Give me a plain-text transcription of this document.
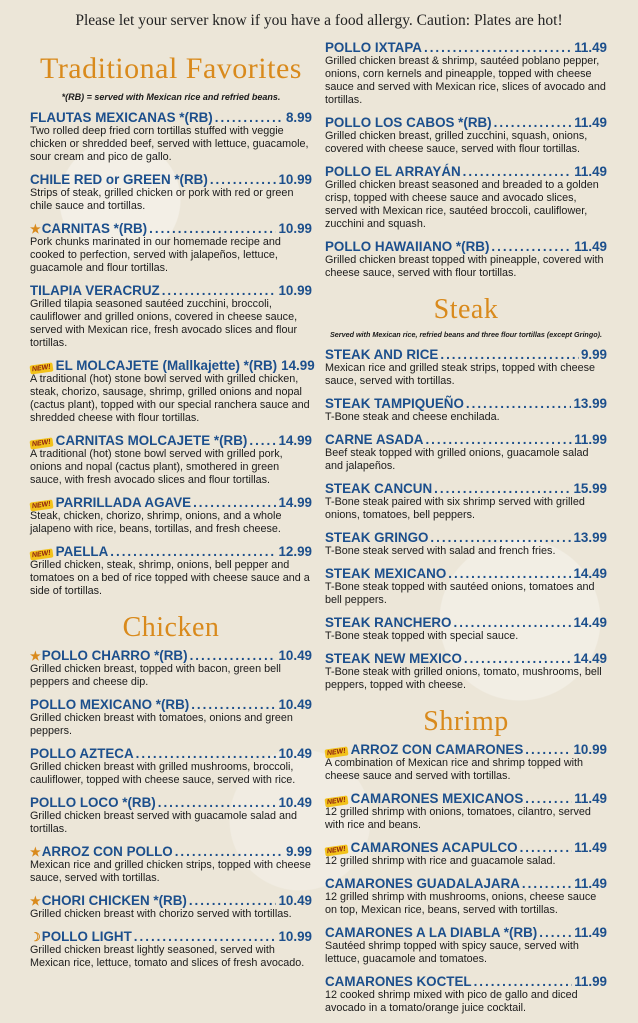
Please let your server know if you have a food allergy. Caution: Plates are hot!
Traditional Favorites
*(RB) = served with Mexican rice and refried beans.
FLAUTAS MEXICANAS *(RB) .....	8.99
Two rolled deep fried corn tortillas stuffed with veggie chicken or shredded beef, served with lettuce, guacamole, sour cream and pico de gallo.
CHILE RED or GREEN *(RB) .....	10.99
Strips of steak, grilled chicken or pork with red or green chile sauce and tortillas.
★ CARNITAS *(RB) .....	10.99
Pork chunks marinated in our homemade recipe and cooked to perfection, served with jalapeños, lettuce, guacamole and flour tortillas.
TILAPIA VERACRUZ .....	10.99
Grilled tilapia seasoned sautéed zucchini, broccoli, cauliflower and grilled onions, covered in cheese sauce, served with Mexican rice, fresh avocado slices and flour tortillas.
NEW! EL MOLCAJETE (Mallkajette) *(RB) 14.99
A traditional (hot) stone bowl served with grilled chicken, steak, chorizo, sausage, shrimp, grilled onions and nopal (cactus plant), topped with our special ranchera sauce and shredded cheese with flour tortillas.
NEW! CARNITAS MOLCAJETE *(RB) ..... 14.99
A traditional (hot) stone bowl served with grilled pork, onions and nopal (cactus plant), smothered in green sauce, with fresh avocado slices and flour tortillas.
NEW! PARRILLADA AGAVE .....	14.99
Steak, chicken, chorizo, shrimp, onions, and a whole jalapeno with rice, beans, tortillas, and fresh cheese.
NEW! PAELLA .....	12.99
Grilled chicken, steak, shrimp, onions, bell pepper and tomatoes on a bed of rice topped with cheese sauce and a side of tortillas.
Chicken
★ POLLO CHARRO *(RB) .....	10.49
Grilled chicken breast, topped with bacon, green bell peppers and cheese dip.
POLLO MEXICANO *(RB) .....	10.49
Grilled chicken breast with tomatoes, onions and green peppers.
POLLO AZTECA .....	10.49
Grilled chicken breast with grilled mushrooms, broccoli, cauliflower, topped with cheese sauce, served with rice.
POLLO LOCO *(RB) .....	10.49
Grilled chicken breast served with guacamole salad and tortillas.
★ ARROZ CON POLLO .....	9.99
Mexican rice and grilled chicken strips, topped with cheese sauce, served with tortillas.
★ CHORI CHICKEN *(RB) .....	10.49
Grilled chicken breast with chorizo served with tortillas.
☽ POLLO LIGHT .....	10.99
Grilled chicken breast lightly seasoned, served with Mexican rice, lettuce, tomato and slices of fresh avocado.
POLLO IXTAPA .....	11.49
Grilled chicken breast & shrimp, sautéed poblano pepper, onions, corn kernels and pineapple, topped with cheese sauce and served with Mexican rice, slices of avocado and tortillas.
POLLO LOS CABOS *(RB) .....	11.49
Grilled chicken breast, grilled zucchini, squash, onions, covered with cheese sauce, served with flour tortillas.
POLLO EL ARRAYÁN .....	11.49
Grilled chicken breast seasoned and breaded to a golden crisp, topped with cheese sauce and avocado slices, served with Mexican rice, sautéed broccoli, cauliflower, zucchini and squash.
POLLO HAWAIIANO *(RB) .....	11.49
Grilled chicken breast topped with pineapple, covered with cheese sauce, served with flour tortillas.
Steak
Served with Mexican rice, refried beans and three flour tortillas (except Gringo).
STEAK AND RICE .....	9.99
Mexican rice and grilled steak strips, topped with cheese sauce, served with tortillas.
STEAK TAMPIQUEÑO .....	13.99
T-Bone steak and cheese enchilada.
CARNE ASADA .....	11.99
Beef steak topped with grilled onions, guacamole salad and jalapeños.
STEAK CANCUN .....	15.99
T-Bone steak paired with six shrimp served with grilled onions, tomatoes, bell peppers.
STEAK GRINGO .....	13.99
T-Bone steak served with salad and french fries.
STEAK MEXICANO .....	14.49
T-Bone steak topped with sautéed onions, tomatoes and bell peppers.
STEAK RANCHERO .....	14.49
T-Bone steak topped with special sauce.
STEAK NEW MEXICO .....	14.49
T-Bone steak with grilled onions, tomato, mushrooms, bell peppers, topped with cheese.
Shrimp
NEW! ARROZ CON CAMARONES .....	10.99
A combination of Mexican rice and shrimp topped with cheese sauce and served with tortillas.
NEW! CAMARONES MEXICANOS .....	11.49
12 grilled shrimp with onions, tomatoes, cilantro, served with rice and beans.
NEW! CAMARONES ACAPULCO .....	11.49
12 grilled shrimp with rice and guacamole salad.
CAMARONES GUADALAJARA .....	11.49
12 grilled shrimp with mushrooms, onions, cheese sauce on top, Mexican rice, beans, served with tortillas.
CAMARONES A LA DIABLA *(RB) .....	11.49
Sautéed shrimp topped with spicy sauce, served with lettuce, guacamole and tomatoes.
CAMARONES KOCTEL .....	11.99
12 cooked shrimp mixed with pico de gallo and diced avocado in a tomato/orange juice cocktail.
